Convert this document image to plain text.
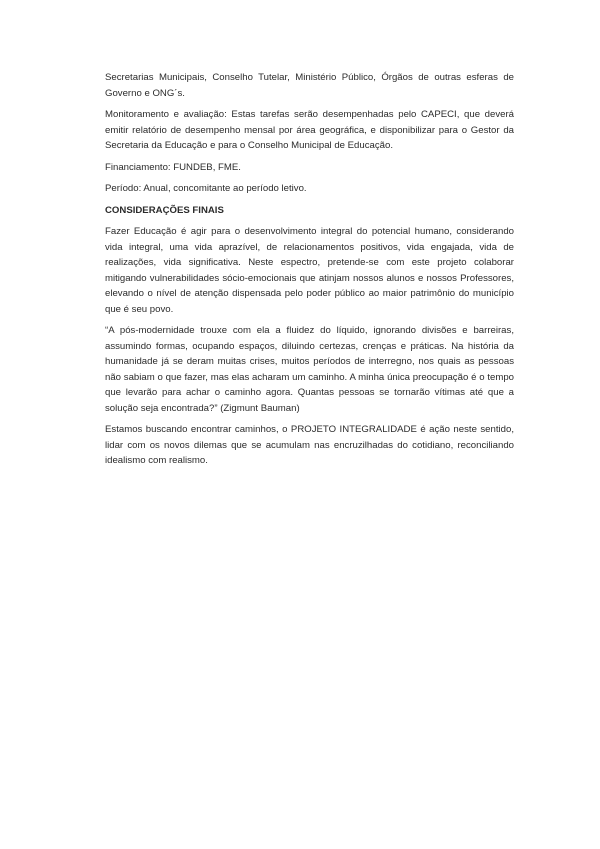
Secretarias Municipais, Conselho Tutelar, Ministério Público, Órgãos de outras esferas de Governo e ONG´s.

Monitoramento e avaliação: Estas tarefas serão desempenhadas pelo CAPECI, que deverá emitir relatório de desempenho mensal por área geográfica, e disponibilizar para o Gestor da Secretaria da Educação e para o Conselho Municipal de Educação.

Financiamento: FUNDEB, FME.

Período: Anual, concomitante ao período letivo.

CONSIDERAÇÕES FINAIS

Fazer Educação é agir para o desenvolvimento integral do potencial humano, considerando vida integral, uma vida aprazível, de relacionamentos positivos, vida engajada, vida de realizações, vida significativa. Neste espectro, pretende-se com este projeto colaborar mitigando vulnerabilidades sócio-emocionais que atinjam nossos alunos e nossos Professores, elevando o nível de atenção dispensada pelo poder público ao maior patrimônio do município que é seu povo.

“A pós-modernidade trouxe com ela a fluidez do líquido, ignorando divisões e barreiras, assumindo formas, ocupando espaços, diluindo certezas, crenças e práticas. Na história da humanidade já se deram muitas crises, muitos períodos de interregno, nos quais as pessoas não sabiam o que fazer, mas elas acharam um caminho. A minha única preocupação é o tempo que levarão para achar o caminho agora. Quantas pessoas se tornarão vítimas até que a solução seja encontrada?” (Zigmunt Bauman)

Estamos buscando encontrar caminhos, o PROJETO INTEGRALIDADE é ação neste sentido, lidar com os novos dilemas que se acumulam nas encruzilhadas do cotidiano, reconciliando idealismo com realismo.
